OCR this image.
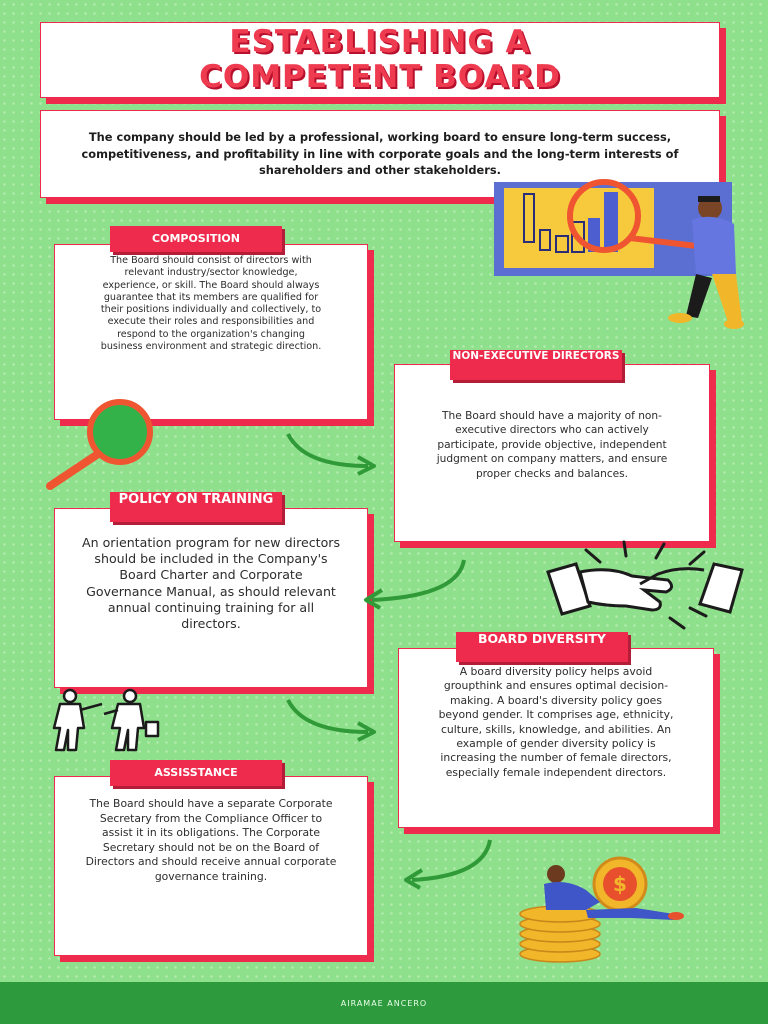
ESTABLISHING A
COMPETENT BOARD
The company should be led by a professional, working board to ensure long-term success, competitiveness, and profitability in line with corporate goals and the long-term interests of shareholders and other stakeholders.
The Board should consist of directors with relevant industry/sector knowledge, experience, or skill. The Board should always guarantee that its members are qualified for their positions individually and collectively, to execute their roles and responsibilities and respond to the organization's changing business environment and strategic direction.
COMPOSITION
The Board should have a majority of non-executive directors who can actively participate, provide objective, independent judgment on company matters, and ensure proper checks and balances.
NON-EXECUTIVE DIRECTORS
An orientation program for new directors should be included in the Company's Board Charter and Corporate Governance Manual, as should relevant annual continuing training for all directors.
POLICY ON TRAINING
A board diversity policy helps avoid groupthink and ensures optimal decision-making. A board's diversity policy goes beyond gender. It comprises age, ethnicity, culture, skills, knowledge, and abilities. An example of gender diversity policy is increasing the number of female directors, especially female independent directors.
BOARD DIVERSITY
The Board should have a separate Corporate Secretary from the Compliance Officer to assist it in its obligations. The Corporate Secretary should not be on the Board of Directors and should receive annual corporate governance training.
ASSISSTANCE
$
AIRAMAE ANCERO
